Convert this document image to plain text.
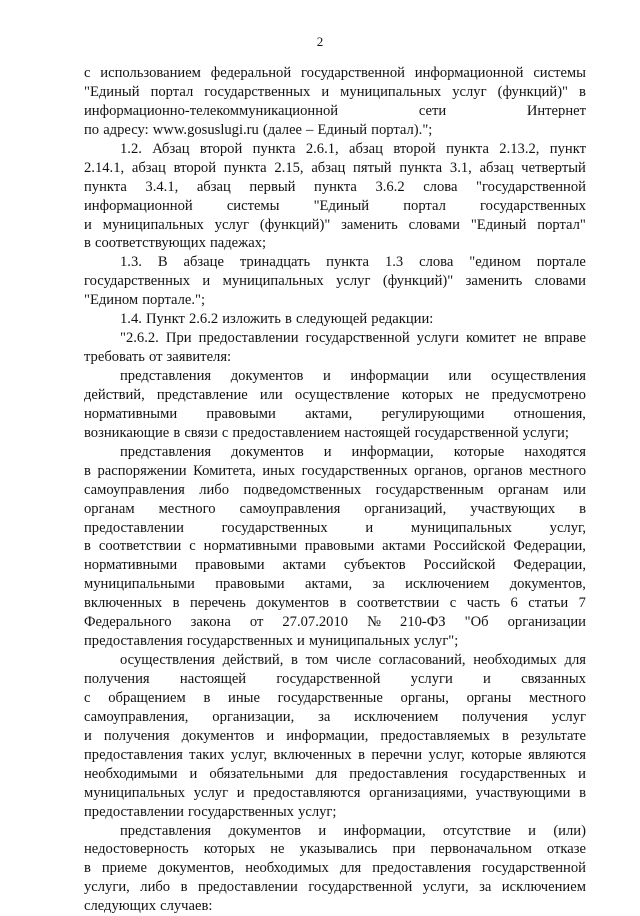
2
с использованием федеральной государственной информационной системы
"Единый портал государственных и муниципальных услуг (функций)" в
информационно-телекоммуникационной	сети	Интернет
по адресу: www.gosuslugi.ru (далее – Единый портал).";
1.2. Абзац второй пункта 2.6.1, абзац второй пункта 2.13.2, пункт
2.14.1, абзац второй пункта 2.15, абзац пятый пункта 3.1, абзац четвертый
пункта 3.4.1, абзац первый пункта 3.6.2 слова "государственной
информационной системы "Единый портал государственных
и муниципальных услуг (функций)" заменить словами "Единый портал"
в соответствующих падежах;
1.3. В абзаце тринадцать пункта 1.3 слова "едином портале
государственных и муниципальных услуг (функций)" заменить словами
"Едином портале.";
1.4. Пункт 2.6.2 изложить в следующей редакции:
"2.6.2. При предоставлении государственной услуги комитет не вправе
требовать от заявителя:
представления документов и информации или осуществления
действий, представление или осуществление которых не предусмотрено
нормативными правовыми актами, регулирующими отношения,
возникающие в связи с предоставлением настоящей государственной услуги;
представления документов и информации, которые находятся
в распоряжении Комитета, иных государственных органов, органов местного
самоуправления либо подведомственных государственным органам или
органам местного самоуправления организаций, участвующих в
предоставлении	государственных	и	муниципальных	услуг,
в соответствии с нормативными правовыми актами Российской Федерации,
нормативными правовыми актами субъектов Российской Федерации,
муниципальными правовыми актами, за исключением документов,
включенных в перечень документов в соответствии с часть 6 статьи 7
Федерального закона от 27.07.2010 № 210-ФЗ "Об организации
предоставления государственных и муниципальных услуг";
осуществления действий, в том числе согласований, необходимых для
получения настоящей государственной услуги и связанных
с обращением в иные государственные органы, органы местного
самоуправления, организации, за исключением получения услуг
и получения документов и информации, предоставляемых в результате
предоставления таких услуг, включенных в перечни услуг, которые являются
необходимыми и обязательными для предоставления государственных и
муниципальных услуг и предоставляются организациями, участвующими в
предоставлении государственных услуг;
представления документов и информации, отсутствие и (или)
недостоверность которых не указывались при первоначальном отказе
в приеме документов, необходимых для предоставления государственной
услуги, либо в предоставлении государственной услуги, за исключением
следующих случаев:
